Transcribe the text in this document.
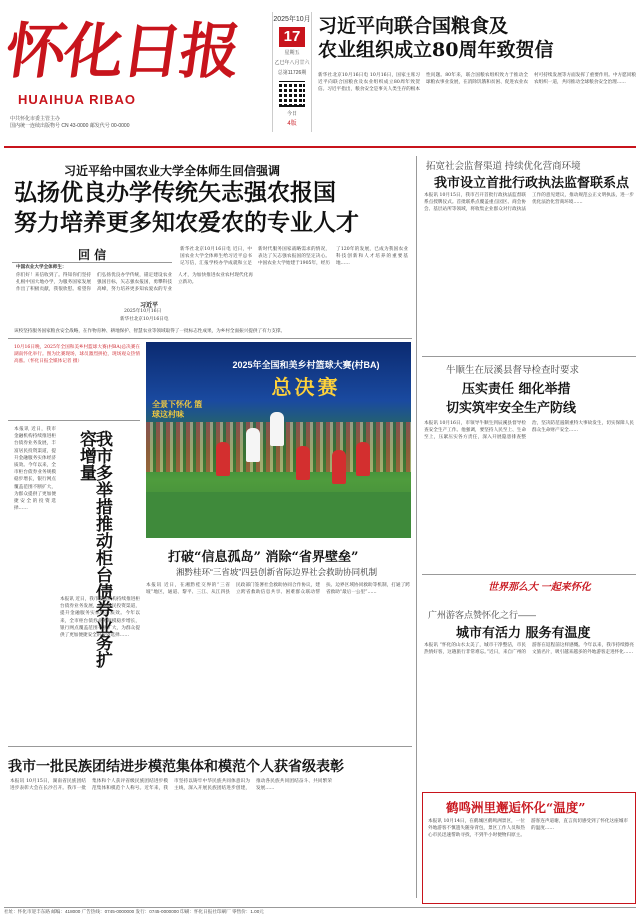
怀化日报
HUAIHUA RIBAO
中共怀化市委主管主办
国内统一连续出版物号 CN 43-0000 邮发代号 00-0000
2025年10月
17
星期五
乙巳年八月廿六
总第11726期
今日
4版
习近平向联合国粮食及
农业组织成立80周年致贺信
新华社北京10月16日电 10月16日，国家主席习近平向联合国粮食及农业组织成立80周年致贺信。习近平指出，粮食安全是事关人类生存的根本性问题。80年来，联合国粮农组织致力于推动全球粮农事业发展，在消除饥饿和贫困、促进农业农村可持续发展等方面发挥了重要作用。中方愿同粮农组织一道，共同推动全球粮食安全治理……
习近平给中国农业大学全体师生回信强调
弘扬优良办学传统矢志强农报国
努力培养更多知农爱农的专业人才
回 信
中国农业大学全体师生：
你们好！来信收到了。得知你们坚持扎根中国大地办学，为服务国家发展作出了积极贡献，我很欣慰。希望你们弘扬优良办学传统，锚定建设农业强国目标，矢志强农报国，勇攀科技高峰，努力培养更多知农爱农的专业人才，为加快推进农业农村现代化再立新功。
习近平
2025年10月16日
新华社北京10月16日电
新华社北京10月16日电 近日，中国农业大学全体师生给习近平总书记写信，汇报学校办学成就和立足新时代服务国家战略需求的情况，表达了矢志强农报国的坚定决心。中国农业大学始建于1905年，经历了120年的发展，已成为我国农业科技创新和人才培养的重要基地……
该校坚持服务国家粮食安全战略，在作物育种、耕地保护、智慧农业等领域取得了一批标志性成果，为乡村全面振兴提供了有力支撑。
10月16日晚，2025年全国和美乡村篮球大赛(村BA)总决赛在湖南怀化举行。图为比赛现场，球员激烈拼抢，现场观众热情高涨。（怀化日报全媒体记者 摄）	2025年全国和美乡村篮球大赛(村BA)
总决赛
全景下怀化 篮球这村味
我市多举措推动柜台债券业务扩容增量
本报讯 近日，我市金融机构持续推进柜台债券业务发展，丰富居民投资渠道，提升金融服务实体经济质效。今年以来，全市柜台债券业务规模稳步增长，银行网点覆盖范围不断扩大，为群众提供了更加便捷安全的投资选择……
本报讯 近日，我市金融机构持续推进柜台债券业务发展，丰富居民投资渠道，提升金融服务实体经济质效。今年以来，全市柜台债券业务规模稳步增长，银行网点覆盖范围不断扩大，为群众提供了更加便捷安全的投资选择……
打破“信息孤岛” 消除“省界壁垒”
湘黔桂环“三省坡”四县创新省际边界社会救助协同机制
本报讯 近日，在湘黔桂交界的“三省坡”地区，通道、黎平、三江、从江四县民政部门签署社会救助协同合作协议，建立跨省救助信息共享、困难群众联动帮扶、边界区域协同救助等机制，打通了跨省救助“最后一公里”……
我市一批民族团结进步模范集体和模范个人获省级表彰
本报讯 10月15日，湖南省民族团结进步表彰大会在长沙召开。我市一批集体和个人获评省级民族团结进步模范集体和模范个人称号。近年来，我市坚持以铸牢中华民族共同体意识为主线，深入开展民族团结进步创建，推动各民族共同团结奋斗、共同繁荣发展……
拓宽社会监督渠道 持续优化营商环境
我市设立首批行政执法监督联系点
本报讯 10月15日，我市召开首批行政执法监督联系点授牌仪式。首批联系点覆盖重点园区、商会协会、基层站所等领域，将收集企业群众对行政执法工作的意见建议，推动规范公正文明执法，进一步优化法治化营商环境……
牛顺生在辰溪县督导检查时要求
压实责任 细化举措
切实筑牢安全生产防线
本报讯 10月16日，市领导牛顺生到辰溪县督导检查安全生产工作。他强调，要坚持人民至上、生命至上，压紧压实各方责任，深入开展隐患排查整治，坚决防范遏制重特大事故发生，切实保障人民群众生命财产安全……
世界那么大 一起来怀化
广州游客点赞怀化之行——
城市有活力 服务有温度
本报讯 “怀化的山水太美了，城市干净整洁，市民热情好客，这趟旅行非常难忘。”近日，来自广州的游客在返程前这样感慨。今年以来，我市持续擦亮文旅名片，吸引越来越多的外地游客走进怀化……
鹤鸣洲里邂逅怀化“温度”
本报讯 10月14日，在鹤城区鹤鸣洲景区，一位外地游客不慎遗失随身背包，景区工作人员和热心市民迅速帮助寻找，不到半小时便物归原主。游客连声道谢，直言真切感受到了怀化这座城市的温度……
社址：怀化市迎丰东路 邮编：418000 广告热线：0745-0000000 发行：0745-0000000 印刷：怀化日报社印刷厂 零售价：1.00元
